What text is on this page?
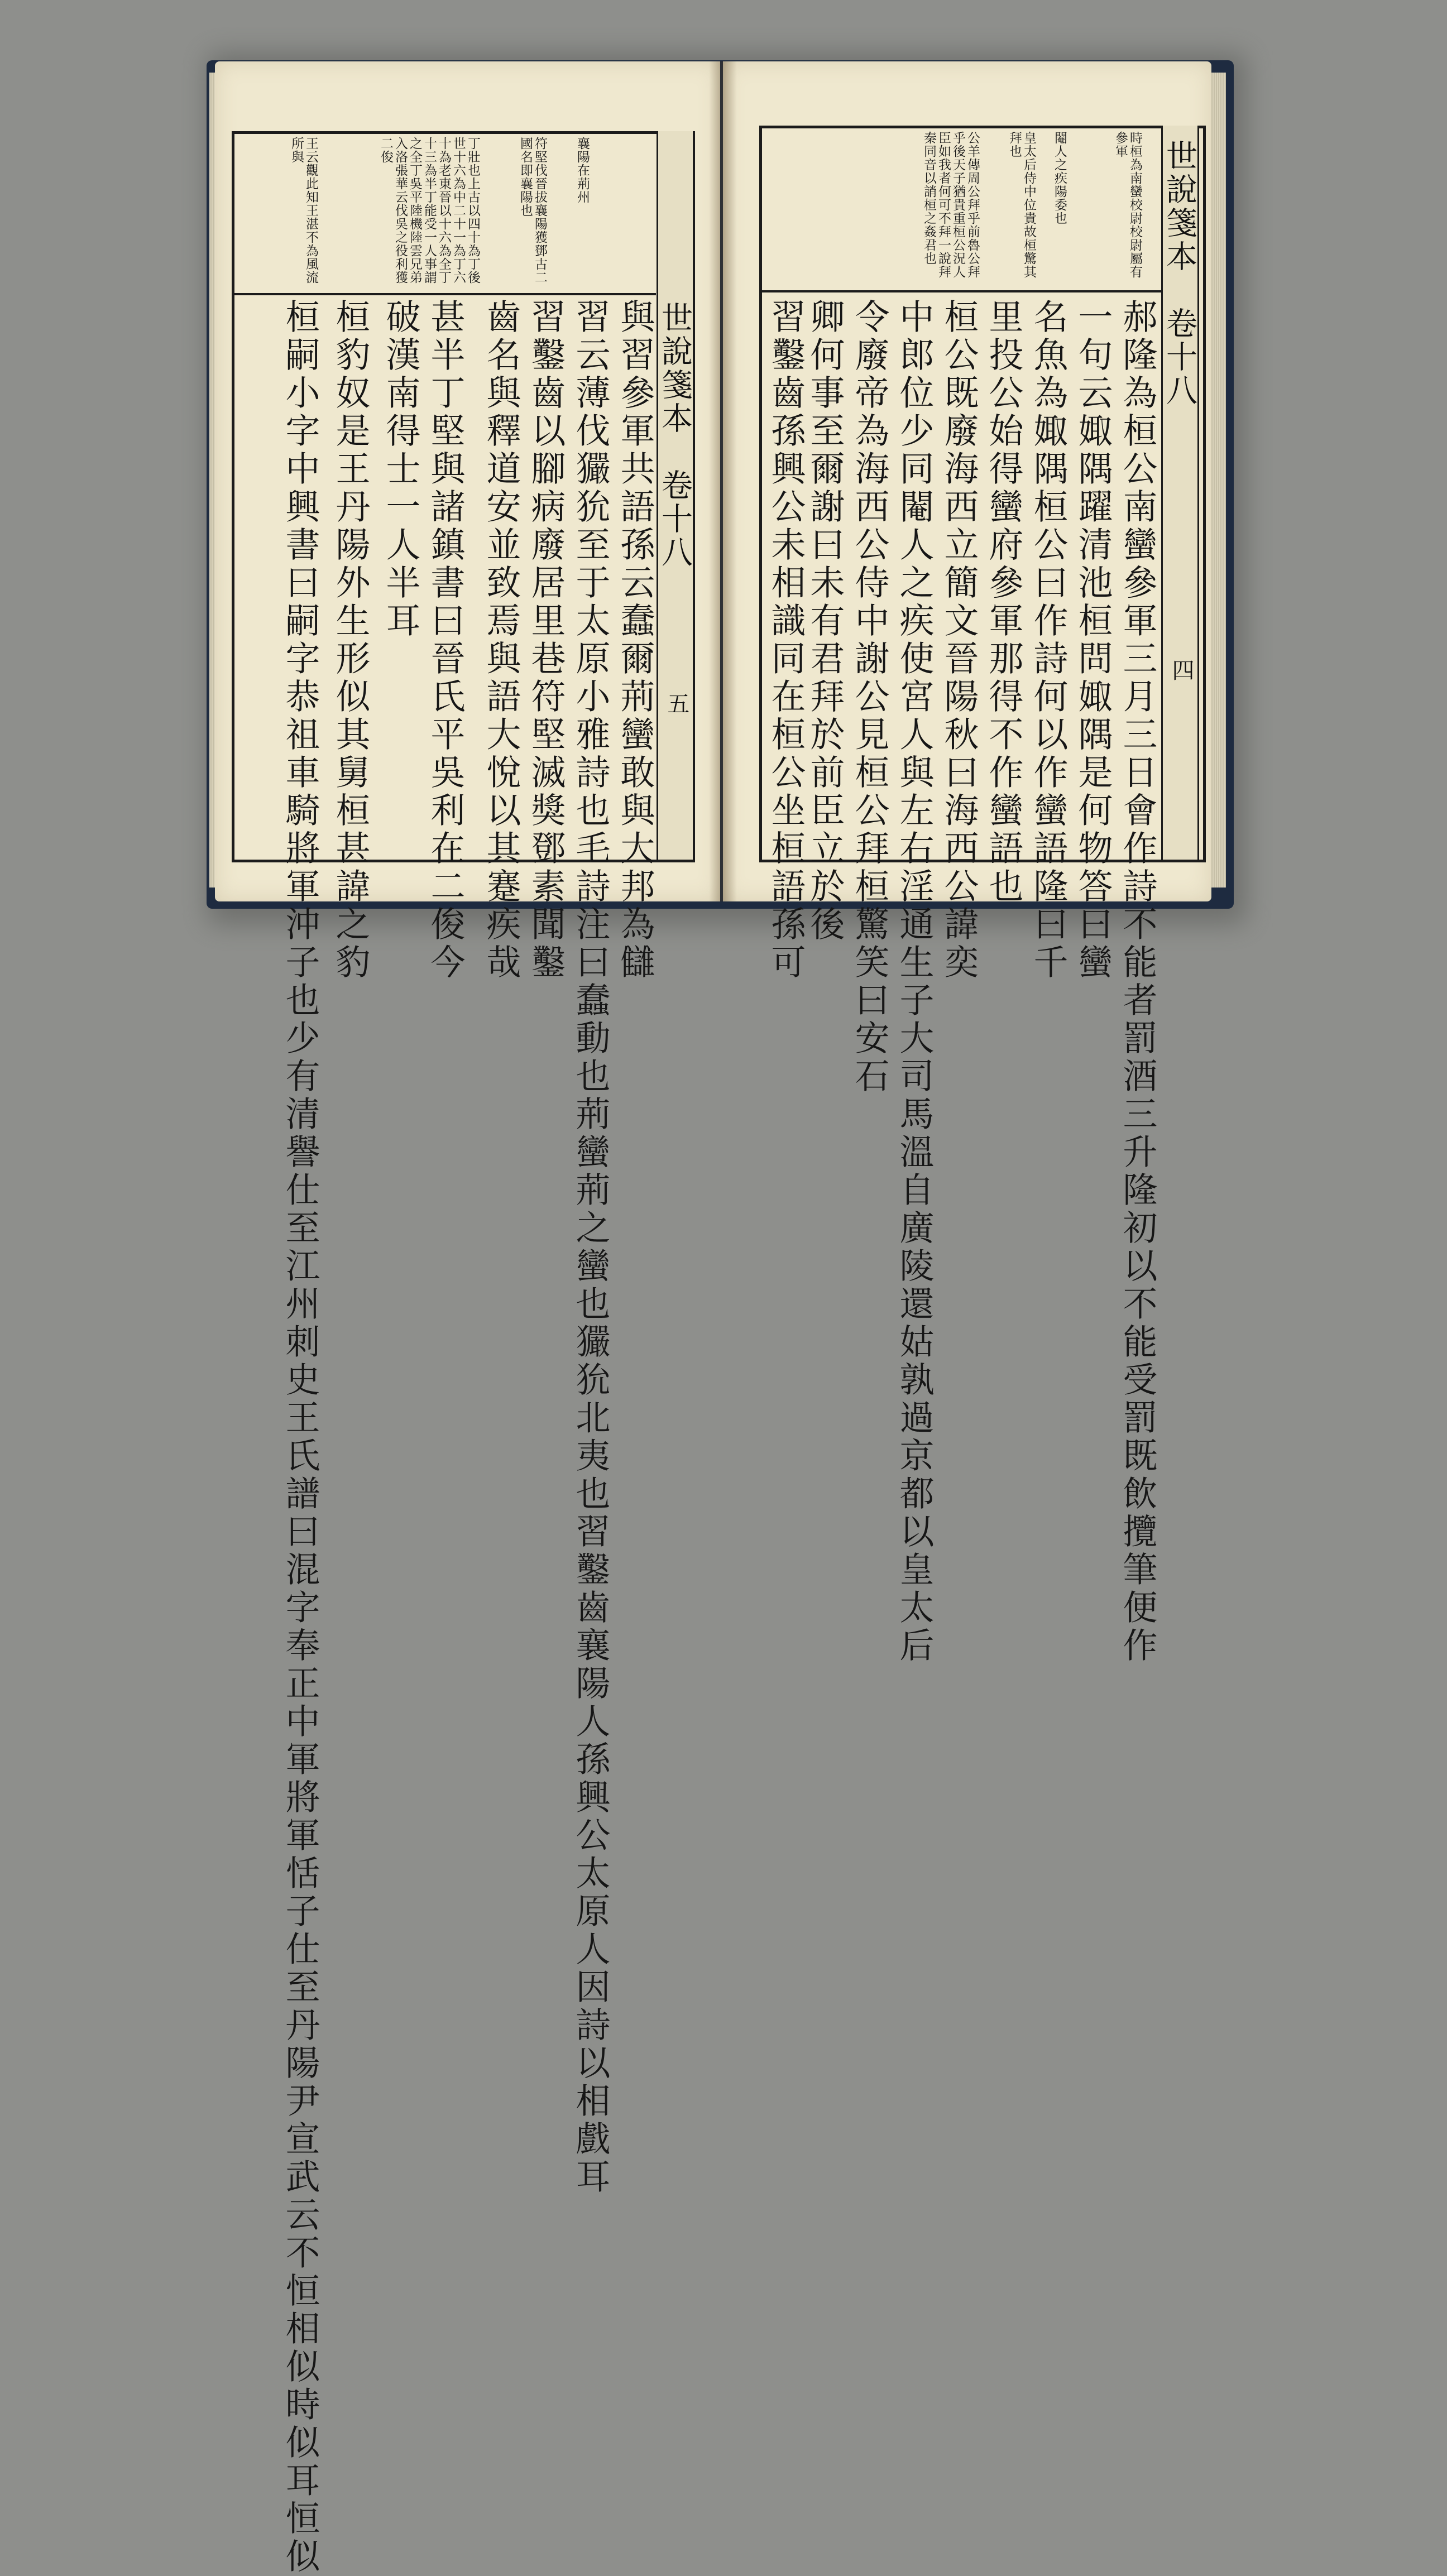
世說箋本　卷十八
四
時桓為南蠻校尉校尉屬有參軍
閹人之疾陽委也
皇太后侍中位貴故桓驚其拜也
公羊傳周公拜乎前魯公拜乎後天子猶貴重桓公況人臣如我者何可不拜一說拜秦同音以誚桓之姦君也
郝隆為桓公南蠻參軍三月三日會作詩不能者罰酒三升隆初以不能受罰既飲攬筆便作
一句云娵隅躍清池桓問娵隅是何物答曰蠻
名魚為娵隅桓公曰作詩何以作蠻語隆曰千
里投公始得蠻府參軍那得不作蠻語也
桓公既廢海西立簡文晉陽秋曰海西公諱奕
中郎位少同閹人之疾使宮人與左右淫通生子大司馬溫自廣陵還姑孰過京都以皇太后
令廢帝為海西公侍中謝公見桓公拜桓驚笑曰安石
卿何事至爾謝曰未有君拜於前臣立於後
習鑿齒孫興公未相識同在桓公坐桓語孫可
世說箋本　卷十八
五
襄陽在荊州
符堅伐晉拔襄陽獲鄧古二國名即襄陽也
丁壯也上古以四十為丁後世十六為中二十一為丁六十為老東晉以十六為全丁十三為半丁能受一人事謂之全丁吳平陸機陸雲兄弟入洛張華云伐吳之役利獲二俊
王云觀此知王湛不為風流所與
與習參軍共語孫云蠢爾荊蠻敢與大邦為讎
習云薄伐玁狁至于太原小雅詩也毛詩注曰蠢動也荊蠻荊之蠻也玁狁北夷也習鑿齒襄陽人孫興公太原人因詩以相戲耳
習鑿齒以腳病廢居里巷符堅滅獎鄧素聞鑿
齒名與釋道安並致焉與語大悅以其蹇疾哉
甚半丁堅與諸鎮書曰晉氏平吳利在二俊今
破漢南得士一人半耳
桓豹奴是王丹陽外生形似其舅桓甚諱之豹
桓嗣小字中興書曰嗣字恭祖車騎將軍沖子也少有清譽仕至江州刺史王氏譜曰混字奉正中軍將軍恬子仕至丹陽尹宣武云不恒相似時似耳恒似
